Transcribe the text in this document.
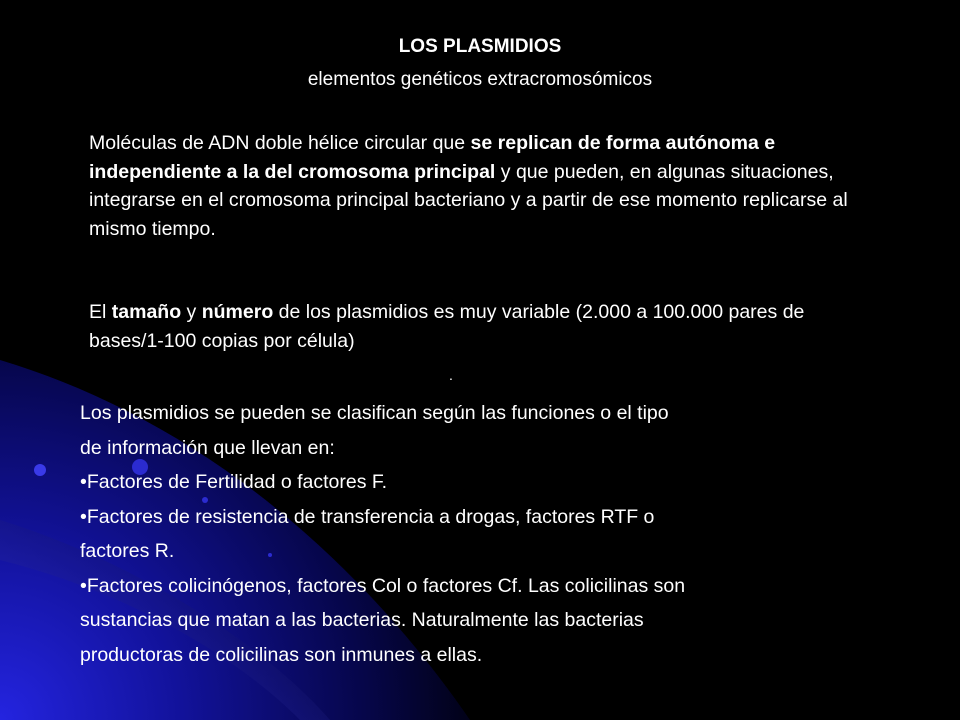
LOS PLASMIDIOS
elementos genéticos extracromosómicos
Moléculas de ADN doble hélice circular que se replican de forma autónoma e independiente a la del cromosoma principal y que pueden, en algunas situaciones, integrarse en el cromosoma principal bacteriano y a partir de ese momento replicarse al mismo tiempo.
El tamaño y número de los plasmidios es muy variable (2.000 a 100.000 pares de bases/1-100 copias por célula)
.
Los plasmidios se pueden se clasifican según las funciones o el tipo
de información que llevan en:
•Factores de Fertilidad o factores F.
•Factores de resistencia de transferencia a drogas, factores RTF o
factores R.
•Factores colicinógenos, factores Col o factores Cf. Las colicilinas son
sustancias que matan a las bacterias. Naturalmente las bacterias
productoras de colicilinas son inmunes a ellas.
